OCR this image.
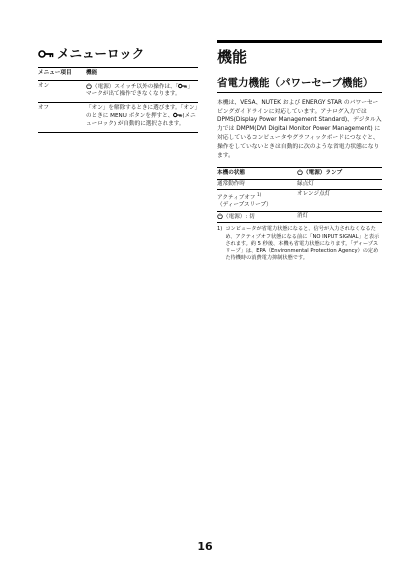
メニューロック
メニュー項目	機能
オン	（電源）スイッチ以外の操作は、「 」マークが出て操作できなくなります。
オフ	「オン」を解除するときに選びます。「オン」のときに MENU ボタンを押すと、 (メニューロック) が自動的に選択されます。
機能
省電力機能（パワーセーブ機能）
本機は、VESA、NUTEK および ENERGY STAR のパワーセービングガイドラインに対応しています。アナログ入力では DPMS(Display Power Management Standard)、デジタル入力では DMPM(DVI Digital Monitor Power Management) に対応しているコンピュータやグラフィックボードにつなぐと、操作をしていないときは自動的に次のような省電力状態になります。
本機の状態	（電源）ランプ
通常動作時	緑点灯
アクティブオフ $^{1)}$
（ディープスリープ）	オレンジ点灯
（電源）: 切	消灯
1) コンピュータが省電力状態になると、信号が入力されなくなるため、アクティブオフ状態になる前に「NO INPUT SIGNAL」と表示されます。約 5 秒後、本機も省電力状態になります。「ディープスリープ」は、EPA（Environmental Protection Agency）の定めた待機時の消費電力抑制状態です。
16
